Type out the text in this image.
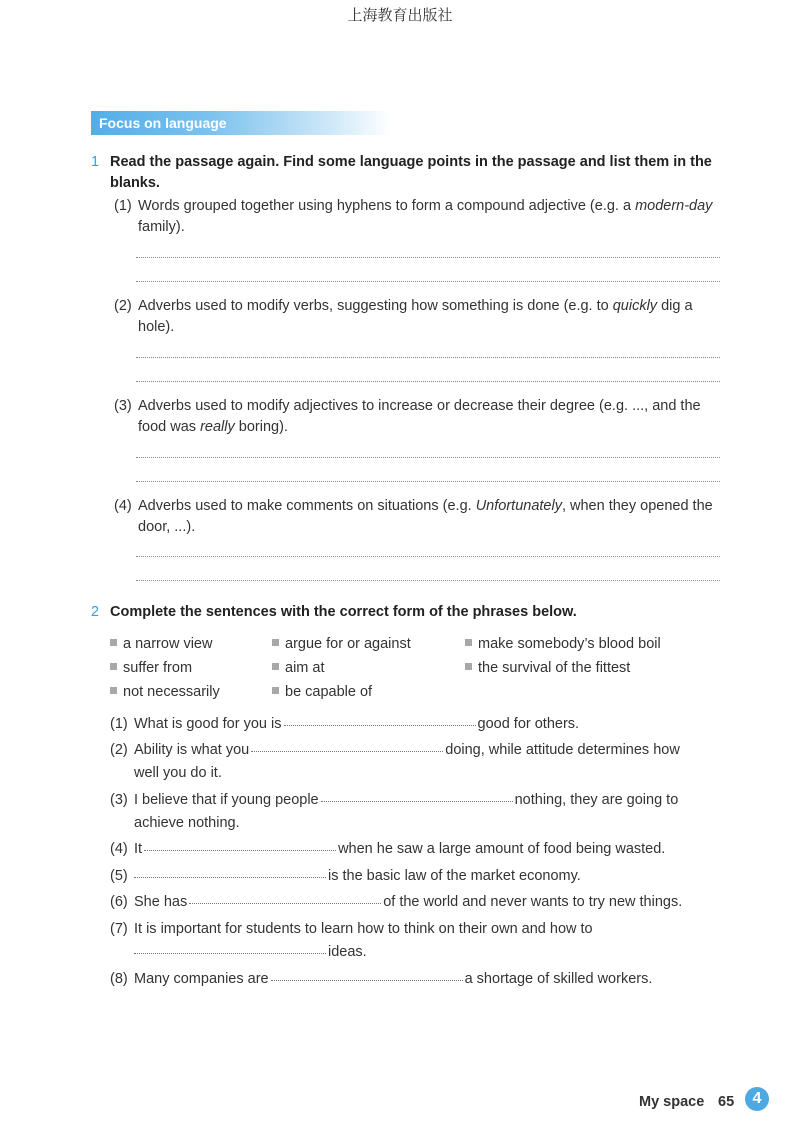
上海教育出版社
Focus on language
1 Read the passage again. Find some language points in the passage and list them in the blanks.
(1) Words grouped together using hyphens to form a compound adjective (e.g. a modern-day family).
(2) Adverbs used to modify verbs, suggesting how something is done (e.g. to quickly dig a hole).
(3) Adverbs used to modify adjectives to increase or decrease their degree (e.g. ..., and the food was really boring).
(4) Adverbs used to make comments on situations (e.g. Unfortunately, when they opened the door, ...).
2 Complete the sentences with the correct form of the phrases below.
a narrow view	argue for or against	make somebody’s blood boil
suffer from	aim at	the survival of the fittest
not necessarily	be capable of
(1) What is good for you is	good for others.
(2) Ability is what you	doing, while attitude determines how
well you do it.
(3) I believe that if young people	nothing, they are going to
achieve nothing.
(4) It	when he saw a large amount of food being wasted.
(5)	is the basic law of the market economy.
(6) She has	of the world and never wants to try new things.
(7) It is important for students to learn how to think on their own and how to
ideas.
(8) Many companies are	a shortage of skilled workers.
My space 65	4
